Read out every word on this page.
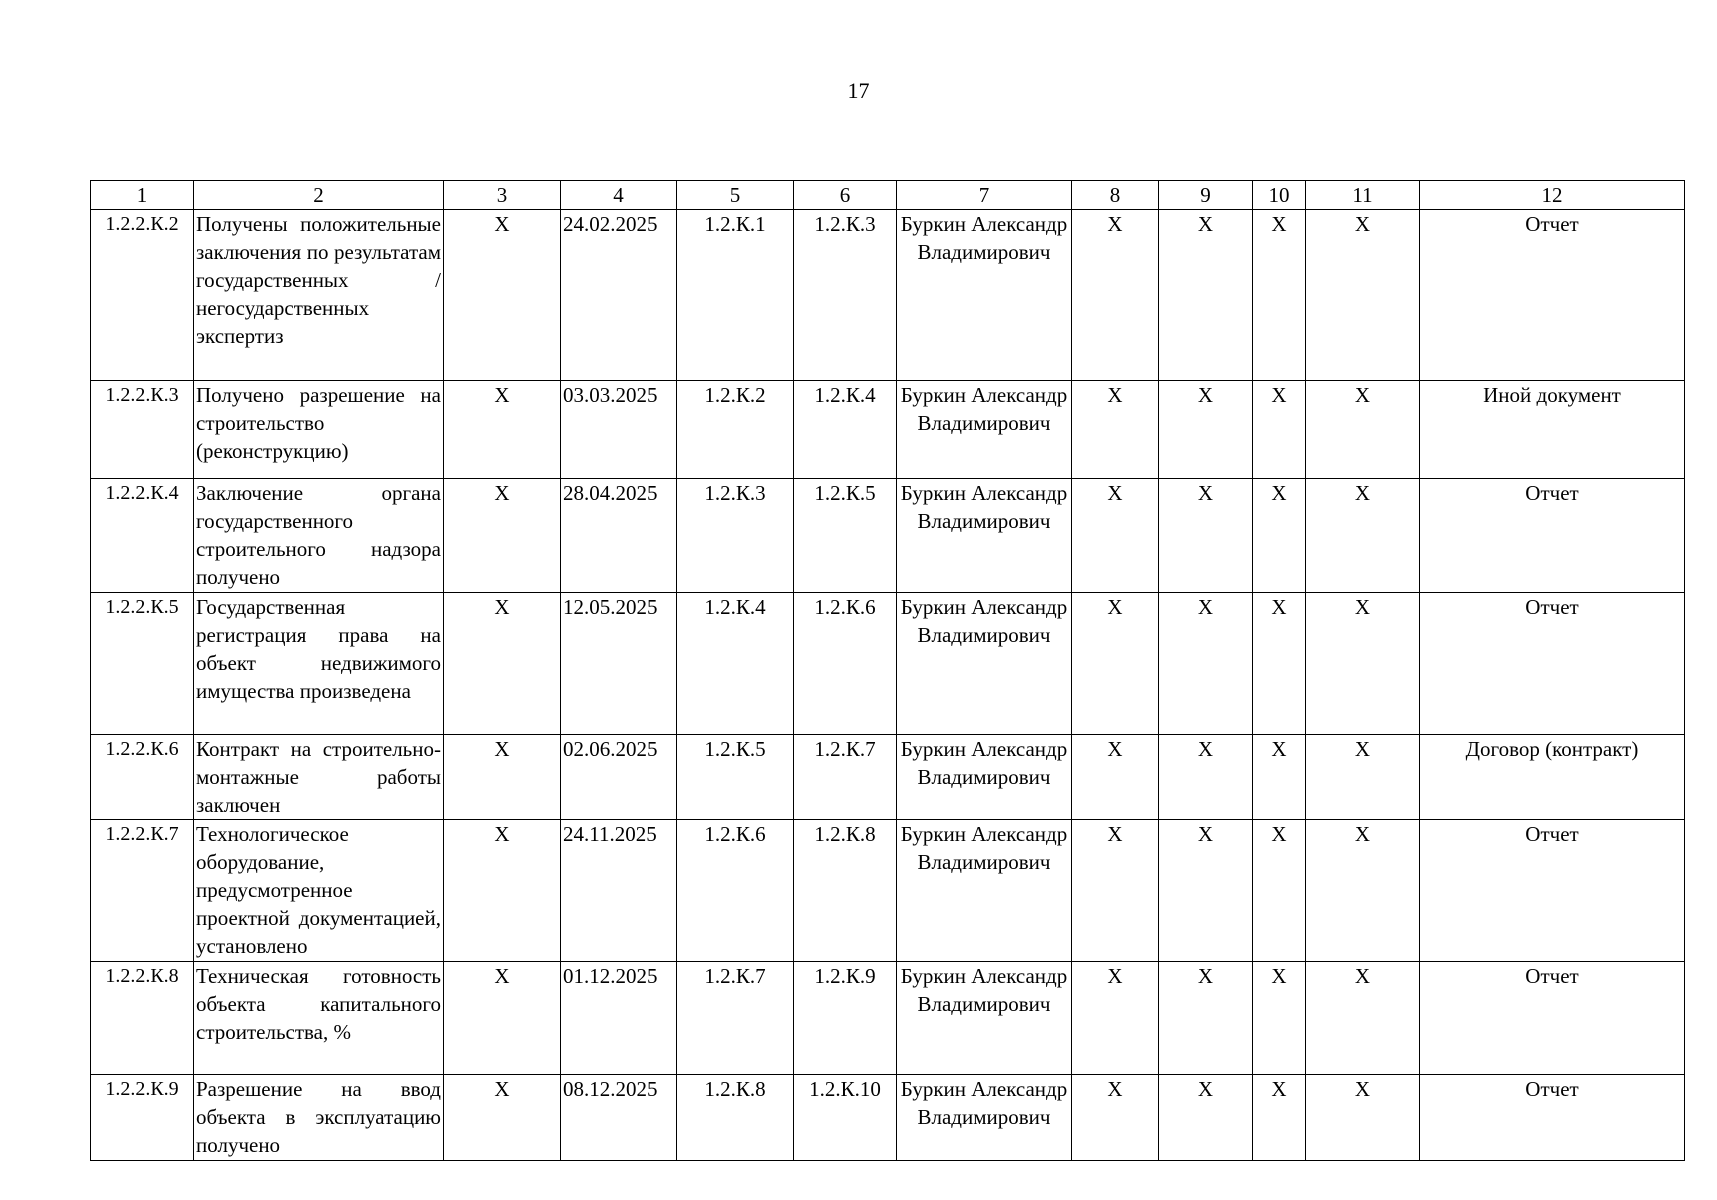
17
1	2	3	4	5	6	7	8	9	10	11	12
1.2.2.К.2	Получены положительные заключения по результатам государственных / негосударственных экспертиз	Х	24.02.2025	1.2.К.1	1.2.К.3	Буркин Александр Владимирович	Х	Х	Х	Х	Отчет
1.2.2.К.3	Получено разрешение на строительство (реконструкцию)	Х	03.03.2025	1.2.К.2	1.2.К.4	Буркин Александр Владимирович	Х	Х	Х	Х	Иной документ
1.2.2.К.4	Заключение органа государственного строительного надзора получено	Х	28.04.2025	1.2.К.3	1.2.К.5	Буркин Александр Владимирович	Х	Х	Х	Х	Отчет
1.2.2.К.5	Государственная регистрация права на объект недвижимого имущества произведена	Х	12.05.2025	1.2.К.4	1.2.К.6	Буркин Александр Владимирович	Х	Х	Х	Х	Отчет
1.2.2.К.6	Контракт на строительно-монтажные работы заключен	Х	02.06.2025	1.2.К.5	1.2.К.7	Буркин Александр Владимирович	Х	Х	Х	Х	Договор (контракт)
1.2.2.К.7	Технологическое оборудование, предусмотренное проектной документацией, установлено	Х	24.11.2025	1.2.К.6	1.2.К.8	Буркин Александр Владимирович	Х	Х	Х	Х	Отчет
1.2.2.К.8	Техническая готовность объекта капитального строительства, %	Х	01.12.2025	1.2.К.7	1.2.К.9	Буркин Александр Владимирович	Х	Х	Х	Х	Отчет
1.2.2.К.9	Разрешение на ввод объекта в эксплуатацию получено	Х	08.12.2025	1.2.К.8	1.2.К.10	Буркин Александр Владимирович	Х	Х	Х	Х	Отчет
